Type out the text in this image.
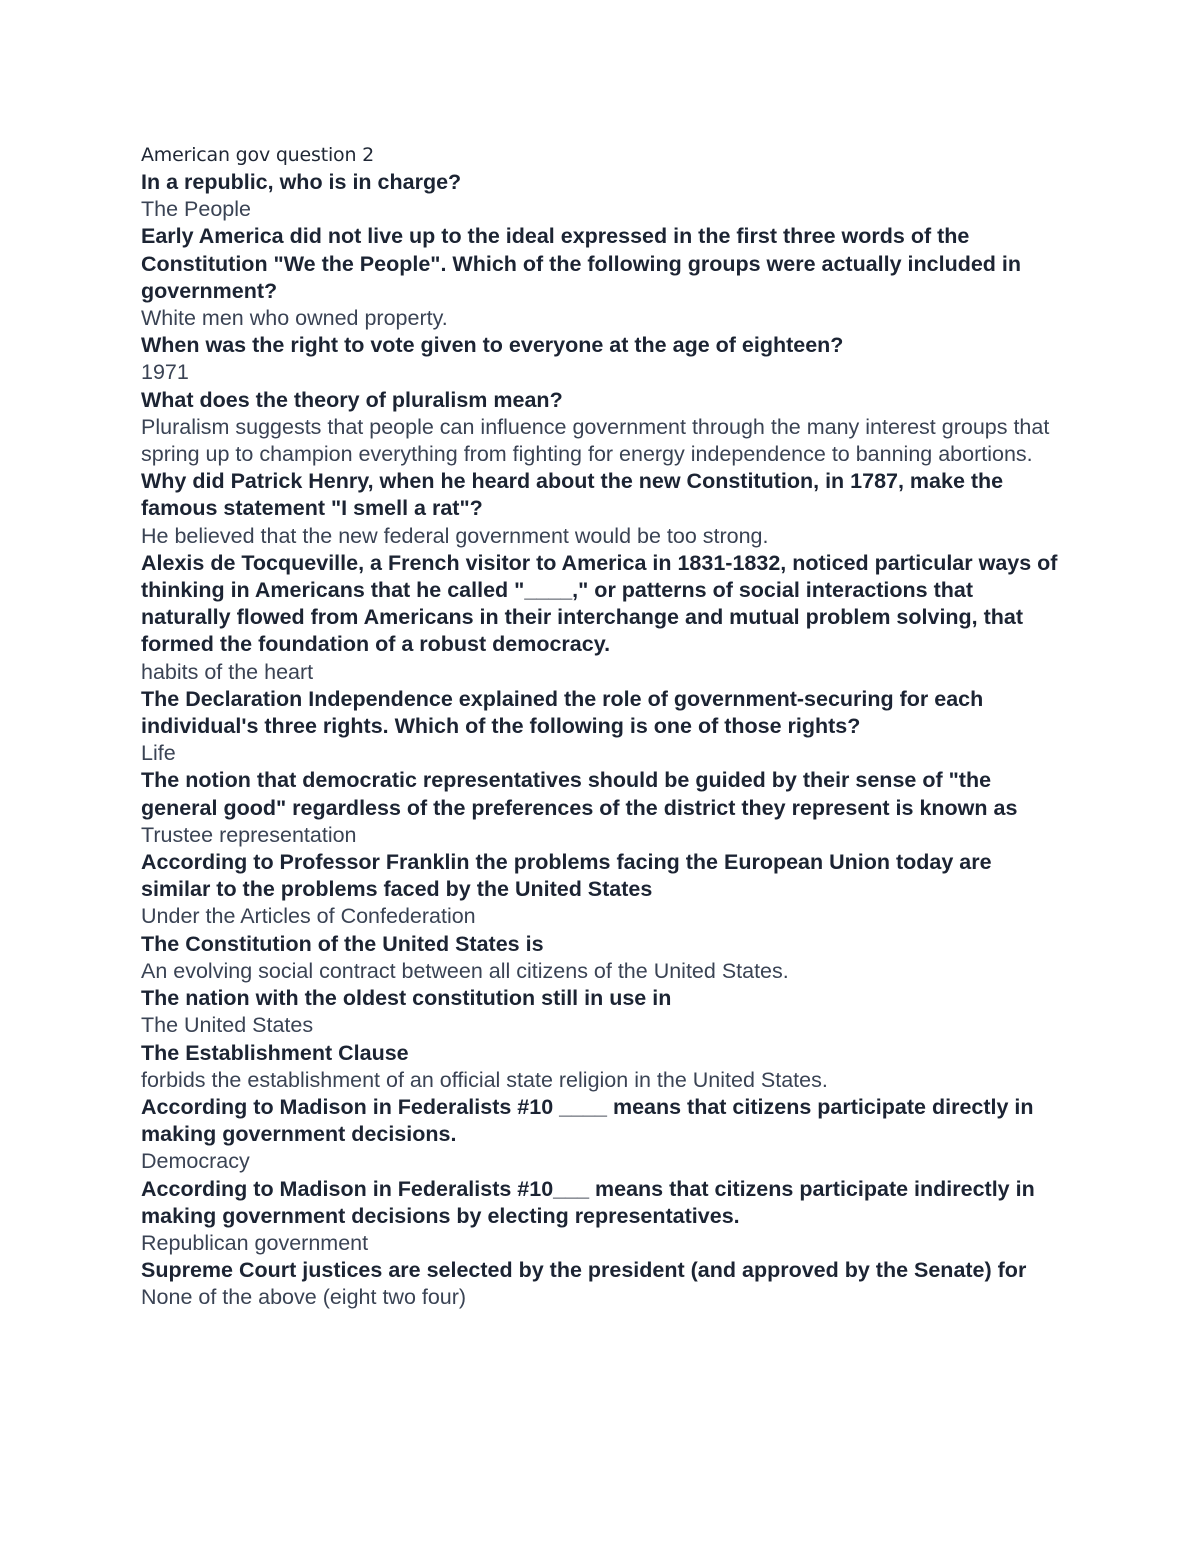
American gov question 2

In a republic, who is in charge?

The People

Early America did not live up to the ideal expressed in the first three words of the Constitution "We the People". Which of the following groups were actually included in government?

White men who owned property.

When was the right to vote given to everyone at the age of eighteen?

1971

What does the theory of pluralism mean?

Pluralism suggests that people can influence government through the many interest groups that spring up to champion everything from fighting for energy independence to banning abortions.

Why did Patrick Henry, when he heard about the new Constitution, in 1787, make the famous statement "I smell a rat"?

He believed that the new federal government would be too strong.

Alexis de Tocqueville, a French visitor to America in 1831-1832, noticed particular ways of thinking in Americans that he called "____," or patterns of social interactions that naturally flowed from Americans in their interchange and mutual problem solving, that formed the foundation of a robust democracy.

habits of the heart

The Declaration Independence explained the role of government-securing for each individual's three rights. Which of the following is one of those rights?

Life

The notion that democratic representatives should be guided by their sense of "the general good" regardless of the preferences of the district they represent is known as

Trustee representation

According to Professor Franklin the problems facing the European Union today are similar to the problems faced by the United States

Under the Articles of Confederation

The Constitution of the United States is

An evolving social contract between all citizens of the United States.

The nation with the oldest constitution still in use in

The United States

The Establishment Clause

forbids the establishment of an official state religion in the United States.

According to Madison in Federalists #10 ____ means that citizens participate directly in making government decisions.

Democracy

According to Madison in Federalists #10___ means that citizens participate indirectly in making government decisions by electing representatives.

Republican government

Supreme Court justices are selected by the president (and approved by the Senate) for

None of the above (eight two four)
